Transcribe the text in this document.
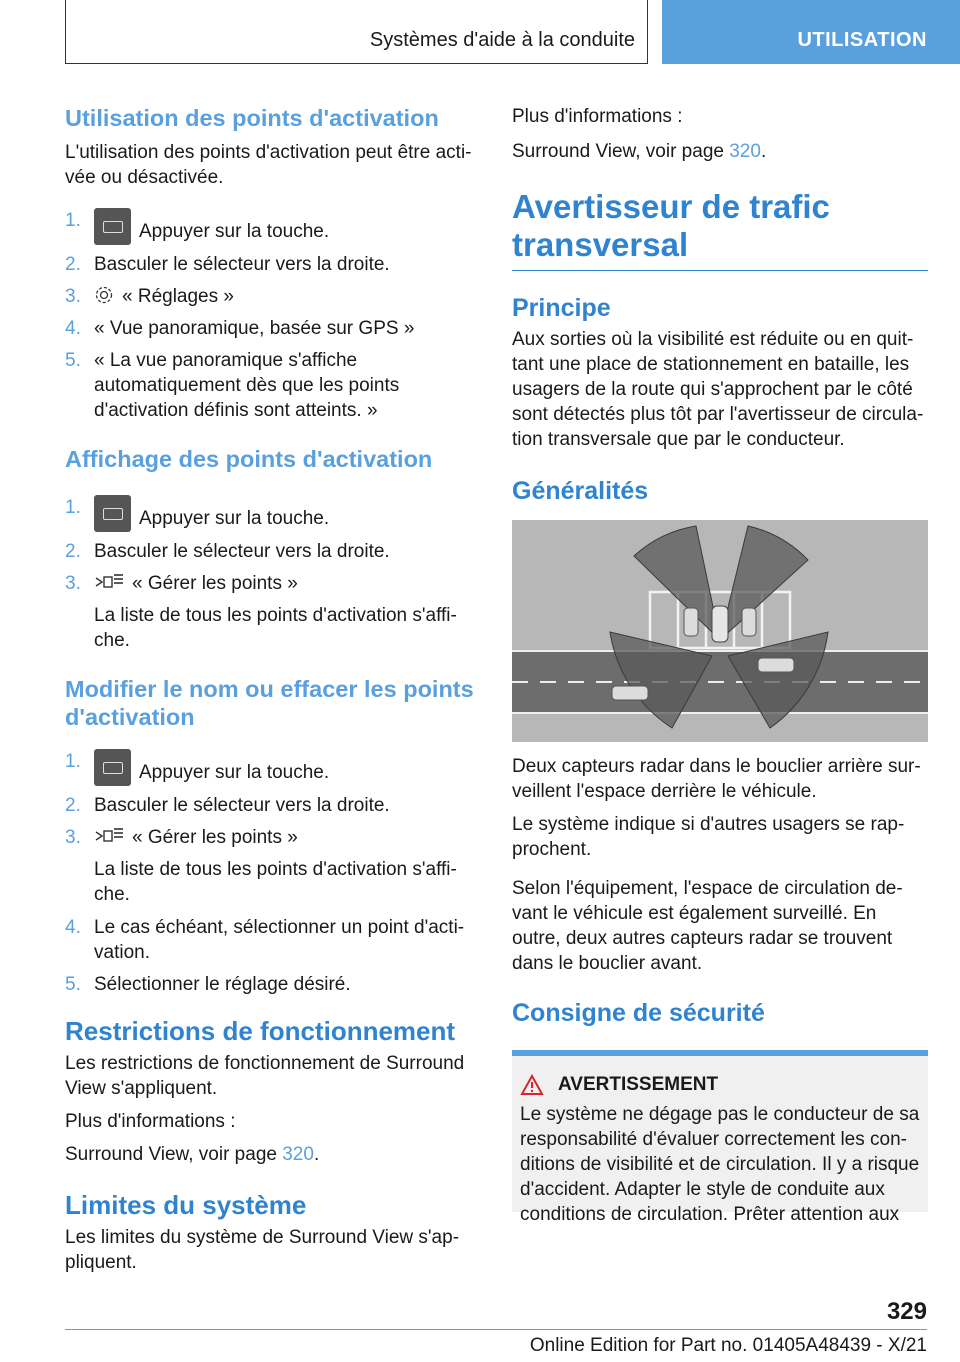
Systèmes d'aide à la conduite	UTILISATION
Utilisation des points d'activation

L'utilisation des points d'activation peut être acti-vée ou désactivée.

1.
Appuyer sur la touche.
2. Basculer le sélecteur vers la droite.
3. « Réglages »
4. « Vue panoramique, basée sur GPS »
5. « La vue panoramique s'affiche automatiquement dès que les points d'activation définis sont atteints. »
Affichage des points d'activation
1.
Appuyer sur la touche.
2. Basculer le sélecteur vers la droite.
3.	« Gérer les points »

La liste de tous les points d'activation s'affi-che.

Modifier le nom ou effacer les points d'activation
1.
Appuyer sur la touche.
2. Basculer le sélecteur vers la droite.
3.	« Gérer les points »

La liste de tous les points d'activation s'affi-che.

4. Le cas échéant, sélectionner un point d'acti-vation.
5. Sélectionner le réglage désiré.
Restrictions de fonctionnement

Les restrictions de fonctionnement de Surround View s'appliquent.

Plus d'informations :

Surround View, voir page 320.

Limites du système

Les limites du système de Surround View s'ap-pliquent.

Plus d'informations :

Surround View, voir page 320.

Avertisseur de trafic transversal
Principe

Aux sorties où la visibilité est réduite ou en quit-tant une place de stationnement en bataille, les usagers de la route qui s'approchent par le côté sont détectés plus tôt par l'avertisseur de circula-tion transversale que par le conducteur.

Généralités

Deux capteurs radar dans le bouclier arrière sur-veillent l'espace derrière le véhicule.

Le système indique si d'autres usagers se rap-prochent.

Selon l'équipement, l'espace de circulation de-vant le véhicule est également surveillé. En outre, deux autres capteurs radar se trouvent dans le bouclier avant.

Consigne de sécurité
AVERTISSEMENT

Le système ne dégage pas le conducteur de sa responsabilité d'évaluer correctement les con-ditions de visibilité et de circulation. Il y a risque d'accident. Adapter le style de conduite aux conditions de circulation. Prêter attention aux

329
Online Edition for Part no. 01405A48439 - X/21
